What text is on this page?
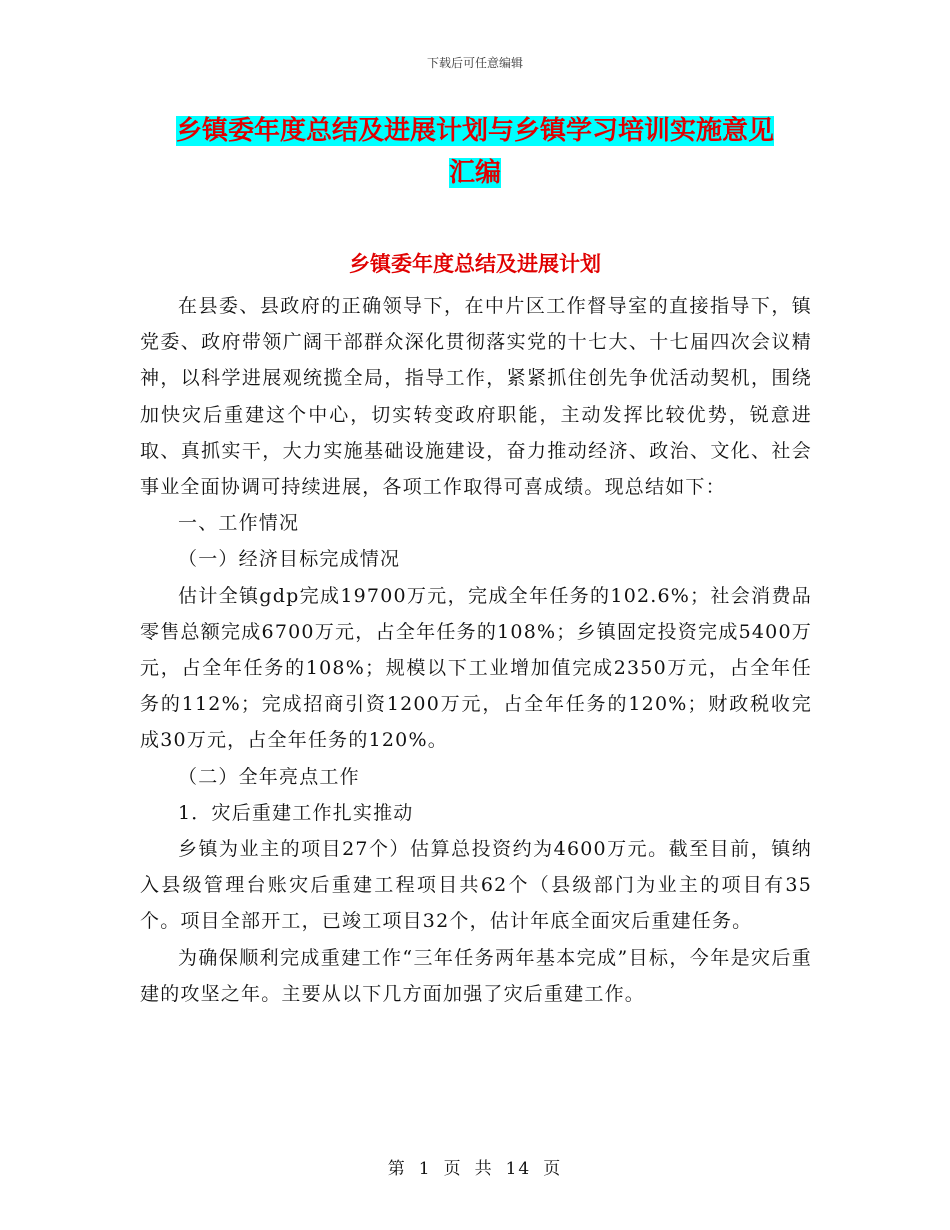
下载后可任意编辑
乡镇委年度总结及进展计划与乡镇学习培训实施意见
汇编
乡镇委年度总结及进展计划

在县委、县政府的正确领导下，在中片区工作督导室的直接指导下，镇党委、政府带领广阔干部群众深化贯彻落实党的十七大、十七届四次会议精神，以科学进展观统揽全局，指导工作，紧紧抓住创先争优活动契机，围绕加快灾后重建这个中心，切实转变政府职能，主动发挥比较优势，锐意进取、真抓实干，大力实施基础设施建设，奋力推动经济、政治、文化、社会事业全面协调可持续进展，各项工作取得可喜成绩。现总结如下：

一、工作情况

（一）经济目标完成情况

估计全镇gdp完成19700万元，完成全年任务的102.6%；社会消费品零售总额完成6700万元，占全年任务的108%；乡镇固定投资完成5400万元，占全年任务的108%；规模以下工业增加值完成2350万元，占全年任务的112%；完成招商引资1200万元，占全年任务的120%；财政税收完成30万元，占全年任务的120%。

（二）全年亮点工作

1．灾后重建工作扎实推动

乡镇为业主的项目27个）估算总投资约为4600万元。截至目前，镇纳入县级管理台账灾后重建工程项目共62个（县级部门为业主的项目有35个。项目全部开工，已竣工项目32个，估计年底全面灾后重建任务。

为确保顺利完成重建工作“三年任务两年基本完成”目标，今年是灾后重建的攻坚之年。主要从以下几方面加强了灾后重建工作。

第 1 页 共 14 页
